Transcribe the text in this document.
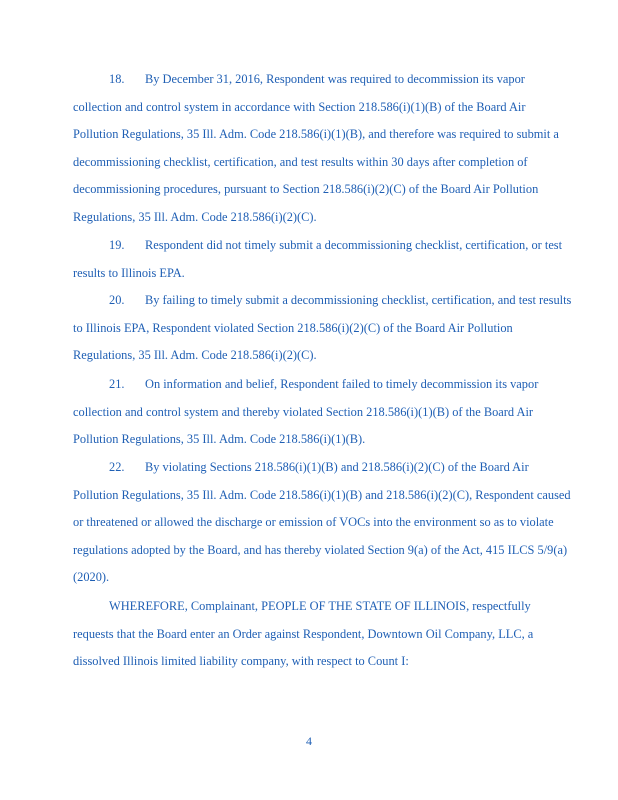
18. By December 31, 2016, Respondent was required to decommission its vapor collection and control system in accordance with Section 218.586(i)(1)(B) of the Board Air Pollution Regulations, 35 Ill. Adm. Code 218.586(i)(1)(B), and therefore was required to submit a decommissioning checklist, certification, and test results within 30 days after completion of decommissioning procedures, pursuant to Section 218.586(i)(2)(C) of the Board Air Pollution Regulations, 35 Ill. Adm. Code 218.586(i)(2)(C).

19. Respondent did not timely submit a decommissioning checklist, certification, or test results to Illinois EPA.

20. By failing to timely submit a decommissioning checklist, certification, and test results to Illinois EPA, Respondent violated Section 218.586(i)(2)(C) of the Board Air Pollution Regulations, 35 Ill. Adm. Code 218.586(i)(2)(C).

21. On information and belief, Respondent failed to timely decommission its vapor collection and control system and thereby violated Section 218.586(i)(1)(B) of the Board Air Pollution Regulations, 35 Ill. Adm. Code 218.586(i)(1)(B).

22. By violating Sections 218.586(i)(1)(B) and 218.586(i)(2)(C) of the Board Air Pollution Regulations, 35 Ill. Adm. Code 218.586(i)(1)(B) and 218.586(i)(2)(C), Respondent caused or threatened or allowed the discharge or emission of VOCs into the environment so as to violate regulations adopted by the Board, and has thereby violated Section 9(a) of the Act, 415 ILCS 5/9(a) (2020).

WHEREFORE, Complainant, PEOPLE OF THE STATE OF ILLINOIS, respectfully requests that the Board enter an Order against Respondent, Downtown Oil Company, LLC, a dissolved Illinois limited liability company, with respect to Count I:

4
